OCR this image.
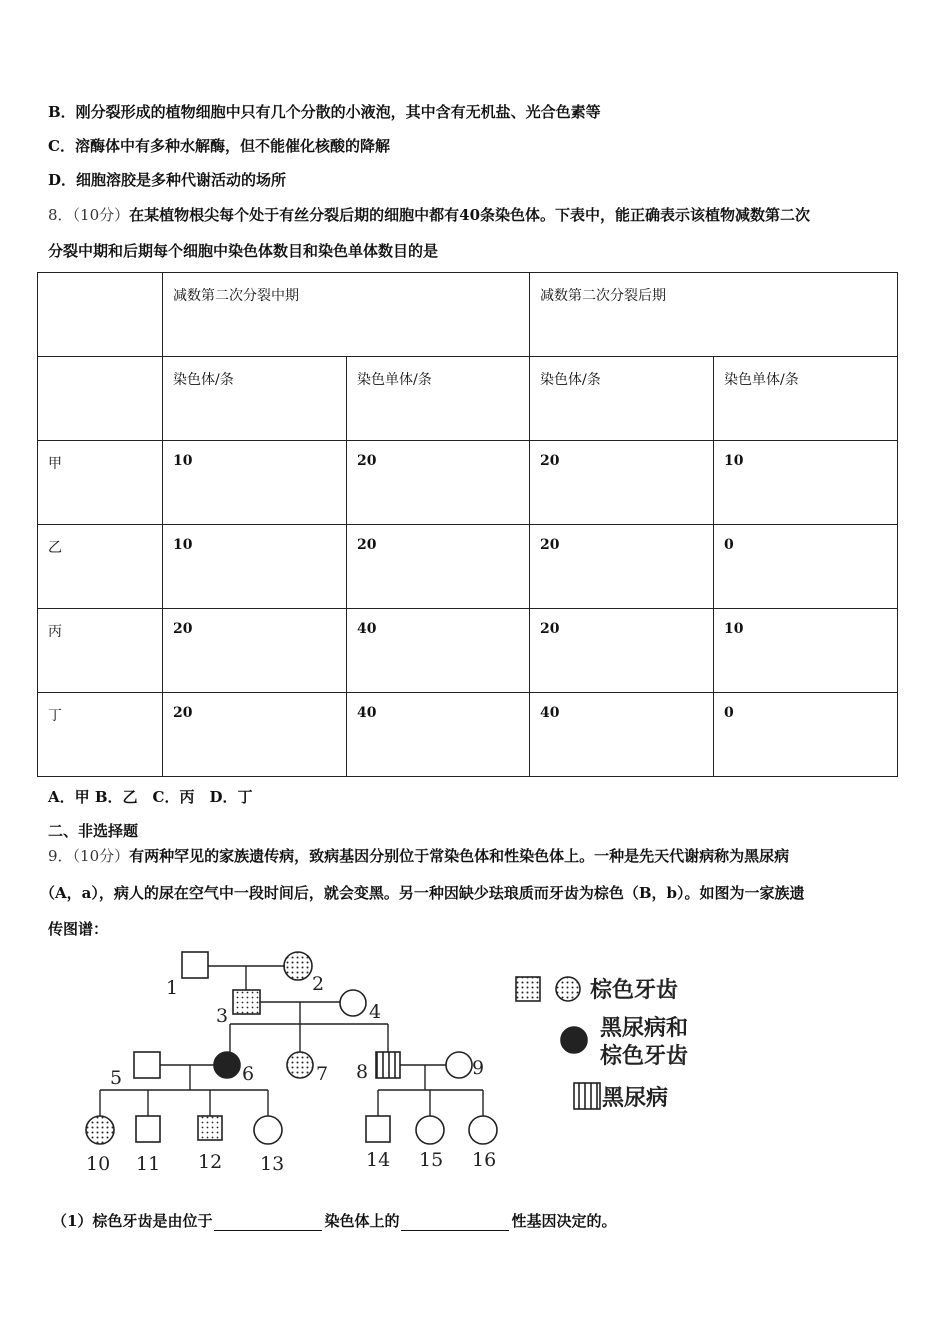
B．刚分裂形成的植物细胞中只有几个分散的小液泡，其中含有无机盐、光合色素等
C．溶酶体中有多种水解酶，但不能催化核酸的降解
D．细胞溶胶是多种代谢活动的场所
8．（10分）在某植物根尖每个处于有丝分裂后期的细胞中都有40条染色体。下表中，能正确表示该植物减数第二次
分裂中期和后期每个细胞中染色体数目和染色单体数目的是
	减数第二次分裂中期		减数第二次分裂后期	
	染色体/条	染色单体/条	染色体/条	染色单体/条
甲	10	20	20	10
乙	10	20	20	0
丙	20	40	20	10
丁	20	40	40	0
A．甲 B．乙　C．丙　D．丁
二、非选择题
9．（10分）有两种罕见的家族遗传病，致病基因分别位于常染色体和性染色体上。一种是先天代谢病称为黑尿病
（A，a），病人的尿在空气中一段时间后，就会变黑。另一种因缺少珐琅质而牙齿为棕色（B，b）。如图为一家族遗
传图谱：
1	2
3	4
5	6	7 8	9
10 11 12 13	14 15 16
棕色牙齿
黑尿病和
棕色牙齿
黑尿病
（1）棕色牙齿是由位于	染色体上的	性基因决定的。
